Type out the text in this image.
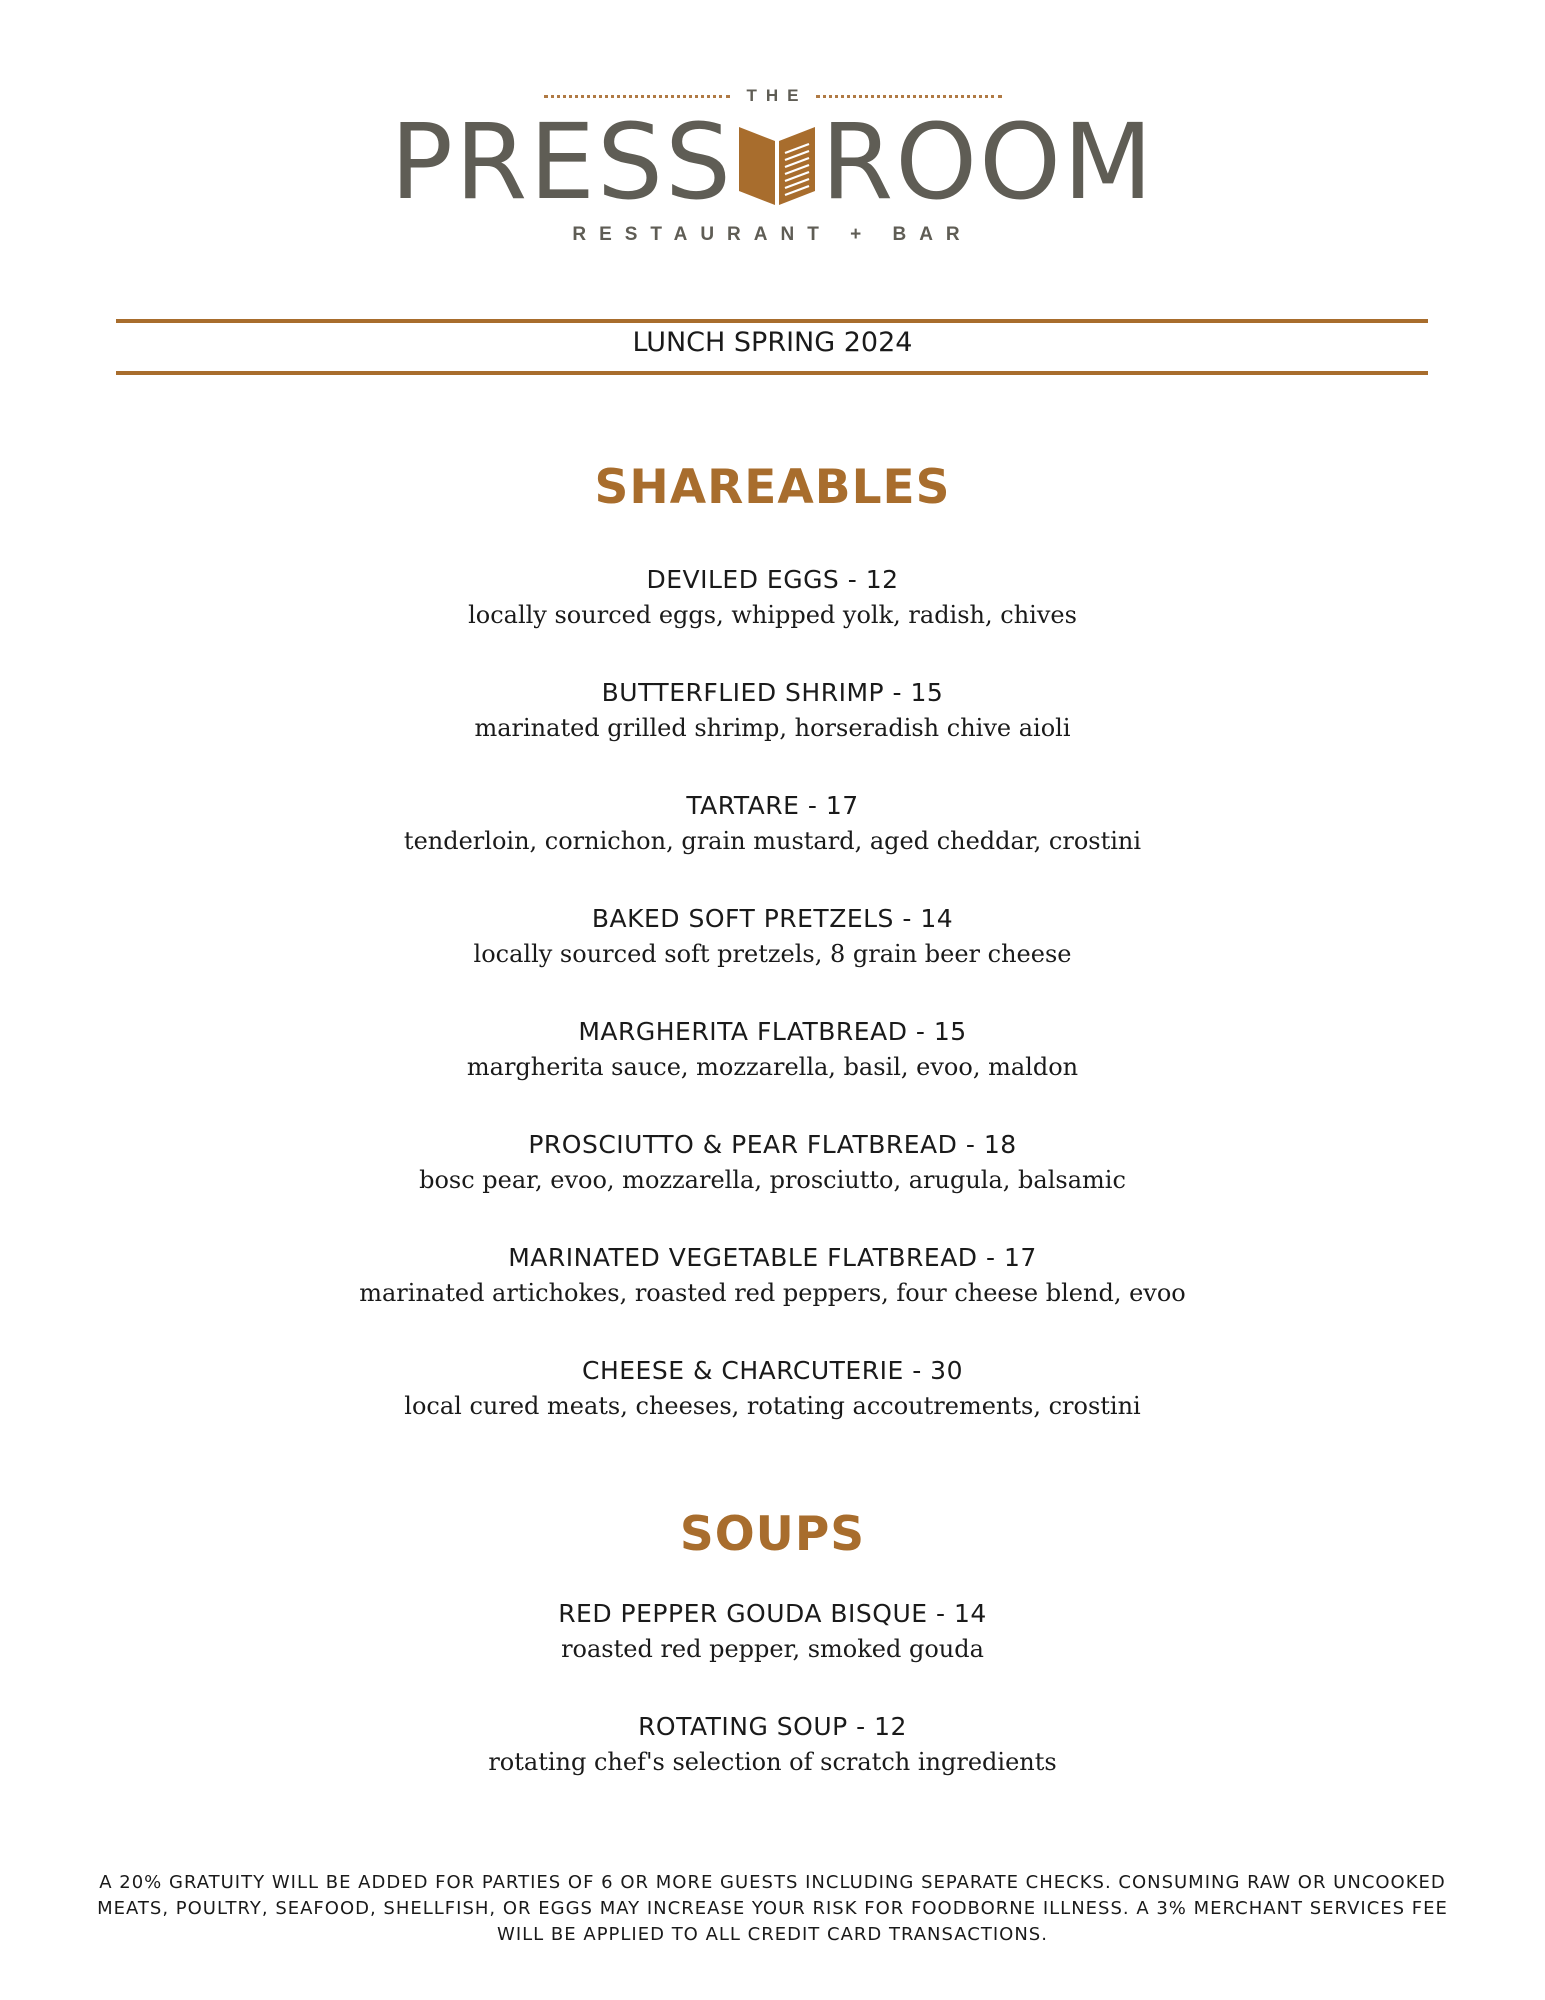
THE
PRESS ROOM
RESTAURANT + BAR
LUNCH SPRING 2024
SHAREABLES
DEVILED EGGS - 12
locally sourced eggs, whipped yolk, radish, chives
BUTTERFLIED SHRIMP - 15
marinated grilled shrimp, horseradish chive aioli
TARTARE - 17
tenderloin, cornichon, grain mustard, aged cheddar, crostini
BAKED SOFT PRETZELS - 14
locally sourced soft pretzels, 8 grain beer cheese
MARGHERITA FLATBREAD - 15
margherita sauce, mozzarella, basil, evoo, maldon
PROSCIUTTO & PEAR FLATBREAD - 18
bosc pear, evoo, mozzarella, prosciutto, arugula, balsamic
MARINATED VEGETABLE FLATBREAD - 17
marinated artichokes, roasted red peppers, four cheese blend, evoo
CHEESE & CHARCUTERIE - 30
local cured meats, cheeses, rotating accoutrements, crostini
SOUPS
RED PEPPER GOUDA BISQUE - 14
roasted red pepper, smoked gouda
ROTATING SOUP - 12
rotating chef's selection of scratch ingredients
A 20% GRATUITY WILL BE ADDED FOR PARTIES OF 6 OR MORE GUESTS INCLUDING SEPARATE CHECKS. CONSUMING RAW OR UNCOOKED MEATS, POULTRY, SEAFOOD, SHELLFISH, OR EGGS MAY INCREASE YOUR RISK FOR FOODBORNE ILLNESS. A 3% MERCHANT SERVICES FEE WILL BE APPLIED TO ALL CREDIT CARD TRANSACTIONS.
